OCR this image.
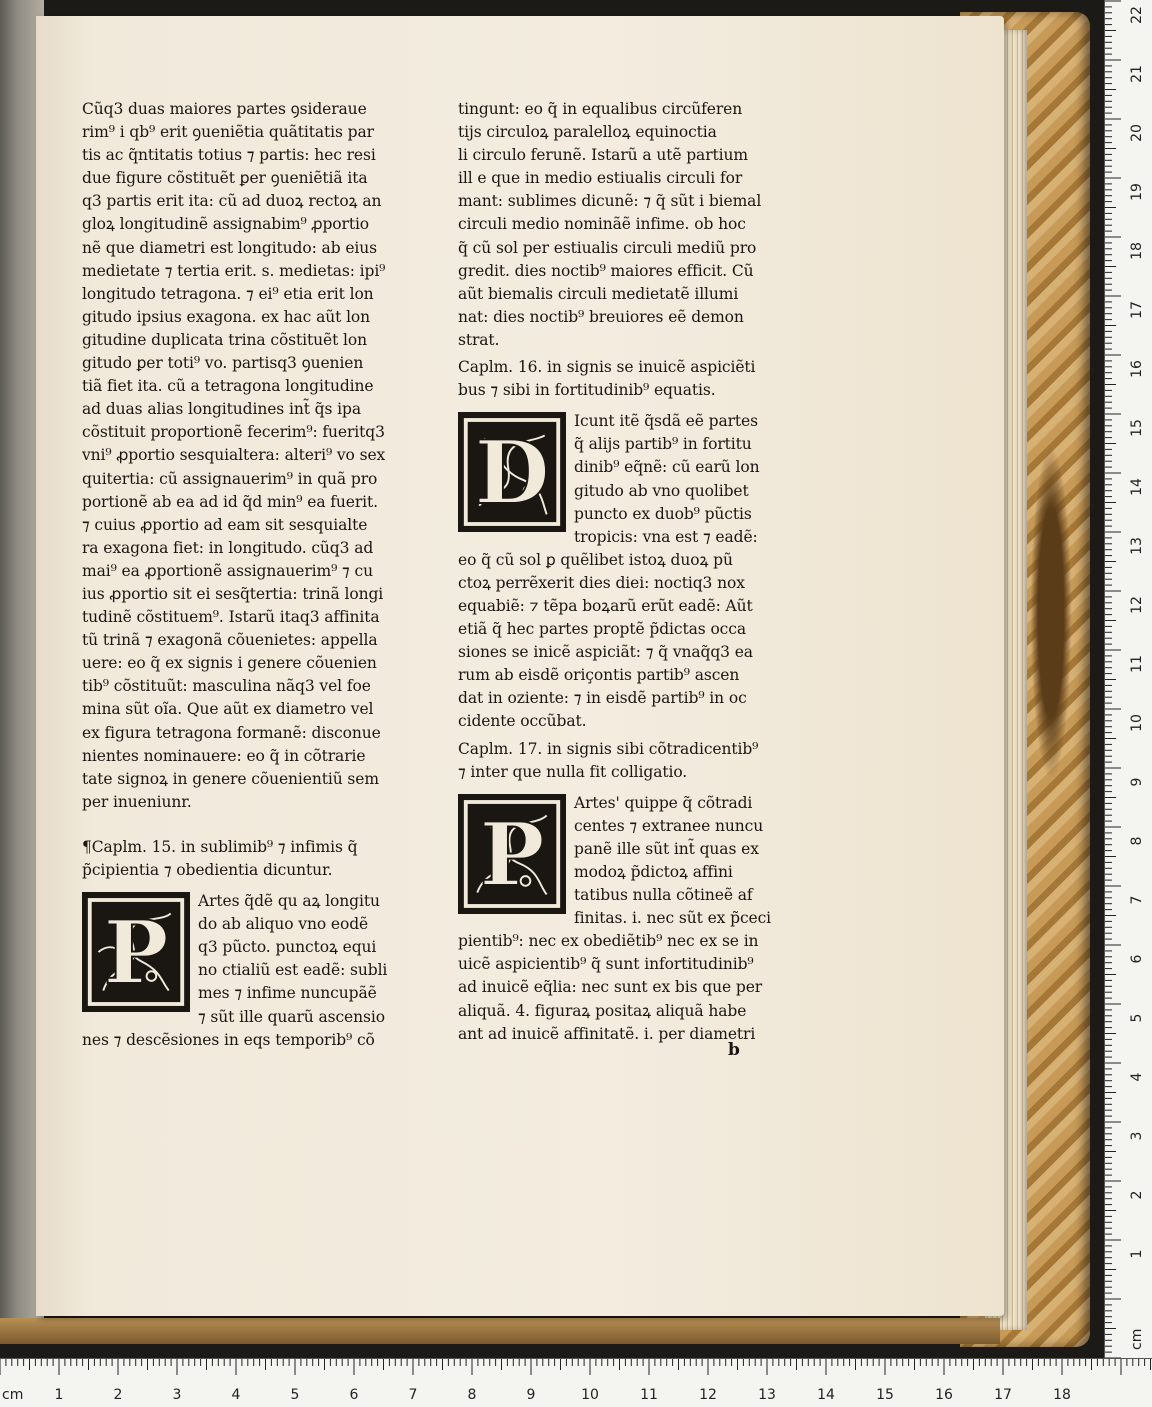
Cũq3 duas maiores partes ꝯsideraue
rim⁹ i qb⁹ erit ꝯueniẽtia quãtitatis par
tis ac q̃ntitatis totius ⁊ partis: hec resi
due figure cõstituẽt ꝑer ꝯueniẽtiã ita
q3 partis erit ita: cũ ad duoꝝ rectoꝝ an
gloꝝ longitudinẽ assignabim⁹ ꝓportio
nẽ que diametri est longitudo: ab eius
medietate ⁊ tertia erit. s. medietas: ipi⁹
longitudo tetragona. ⁊ ei⁹ etia erit lon
gitudo ipsius exagona. ex hac aũt lon
gitudine duplicata trina cõstituẽt lon
gitudo ꝑer toti⁹ vo. partisq3 ꝯuenien
tiã fiet ita. cũ a tetragona longitudine
ad duas alias longitudines int̃ q̃s ipa
cõstituit proportionẽ fecerim⁹: fueritq3
vni⁹ ꝓportio sesquialtera: alteri⁹ vo sex
quitertia: cũ assignauerim⁹ in quã pro
portionẽ ab ea ad id q̃d min⁹ ea fuerit.
⁊ cuius ꝓportio ad eam sit sesquialte
ra exagona fiet: in longitudo. cũq3 ad
mai⁹ ea ꝓportionẽ assignauerim⁹ ⁊ cu
ius ꝓportio sit ei sesq̃tertia: trinã longi
tudinẽ cõstituem⁹. Istarũ itaq3 affinita
tũ trinã ⁊ exagonã cõuenietes: appella
uere: eo q̃ ex signis i genere cõuenien
tib⁹ cõstituũt: masculina nãq3 vel foe
mina sũt oĩa. Que aũt ex diametro vel
ex figura tetragona formanẽ: disconue
nientes nominauere: eo q̃ in cõtrarie
tate signoꝝ in genere cõuenientiũ sem
per inueniunr.
¶Caplm. 15. in sublimib⁹ ⁊ infimis q̃
p̃cipientia ⁊ obedientia dicuntur.
P
Artes q̃dẽ qu aꝝ longitu
do ab aliquo vno eodẽ
q3 pũcto. punctoꝝ equi
no ctialiũ est eadẽ: subli
mes ⁊ infime nuncupãẽ
⁊ sũt ille quarũ ascensio
nes ⁊ descẽsiones in eqs temporib⁹ cõ
tingunt: eo q̃ in equalibus circũferen
tijs circuloꝝ paralelloꝝ equinoctia
li circulo ferunẽ. Istarũ a utẽ partium
ill e que in medio estiualis circuli for
mant: sublimes dicunẽ: ⁊ q̃ sũt i biemal
circuli medio nominãẽ infime. ob hoc
q̃ cũ sol per estiualis circuli mediũ pro
gredit. dies noctib⁹ maiores efficit. Cũ
aũt biemalis circuli medietatẽ illumi
nat: dies noctib⁹ breuiores eẽ demon
strat.
Caplm. 16. in signis se inuicẽ aspiciẽti
bus ⁊ sibi in fortitudinib⁹ equatis.
D
Icunt itẽ q̃sdã eẽ partes
q̃ alijs partib⁹ in fortitu
dinib⁹ eq̃nẽ: cũ earũ lon
gitudo ab vno quolibet
puncto ex duob⁹ pũctis
tropicis: vna est ⁊ eadẽ:
eo q̃ cũ sol ꝑ quẽlibet istoꝝ duoꝝ pũ
ctoꝝ perrẽxerit dies diei: noctiq3 nox
equabiẽ: ⁊ tẽpa boꝝarũ erũt eadẽ: Aũt
etiã q̃ hec partes proptẽ p̃dictas occa
siones se inicẽ aspiciãt: ⁊ q̃ vnaq̃q3 ea
rum ab eisdẽ oriçontis partib⁹ ascen
dat in oziente: ⁊ in eisdẽ partib⁹ in oc
cidente occũbat.
Caplm. 17. in signis sibi cõtradicentib⁹
⁊ inter que nulla fit colligatio.
P
Artes' quippe q̃ cõtradi
centes ⁊ extranee nuncu
panẽ ille sũt int̃ quas ex
modoꝝ p̃dictoꝝ affini
tatibus nulla cõtineẽ af
finitas. i. nec sũt ex p̃ceci
pientib⁹: nec ex obediẽtib⁹ nec ex se in
uicẽ aspicientib⁹ q̃ sunt infortitudinib⁹
ad inuicẽ eq̃lia: nec sunt ex bis que per
aliquã. 4. figuraꝝ positaꝝ aliquã habe
ant ad inuicẽ affinitatẽ. i. per diametri
b
cm
1
2
3
4
5
6
7
8
9
10
11
12
13
14
15
16
17
18
19
20
21
22
cm 1	2	3	4	5	6	7	8	9	10	11	12	13	14	15	16	17	18
